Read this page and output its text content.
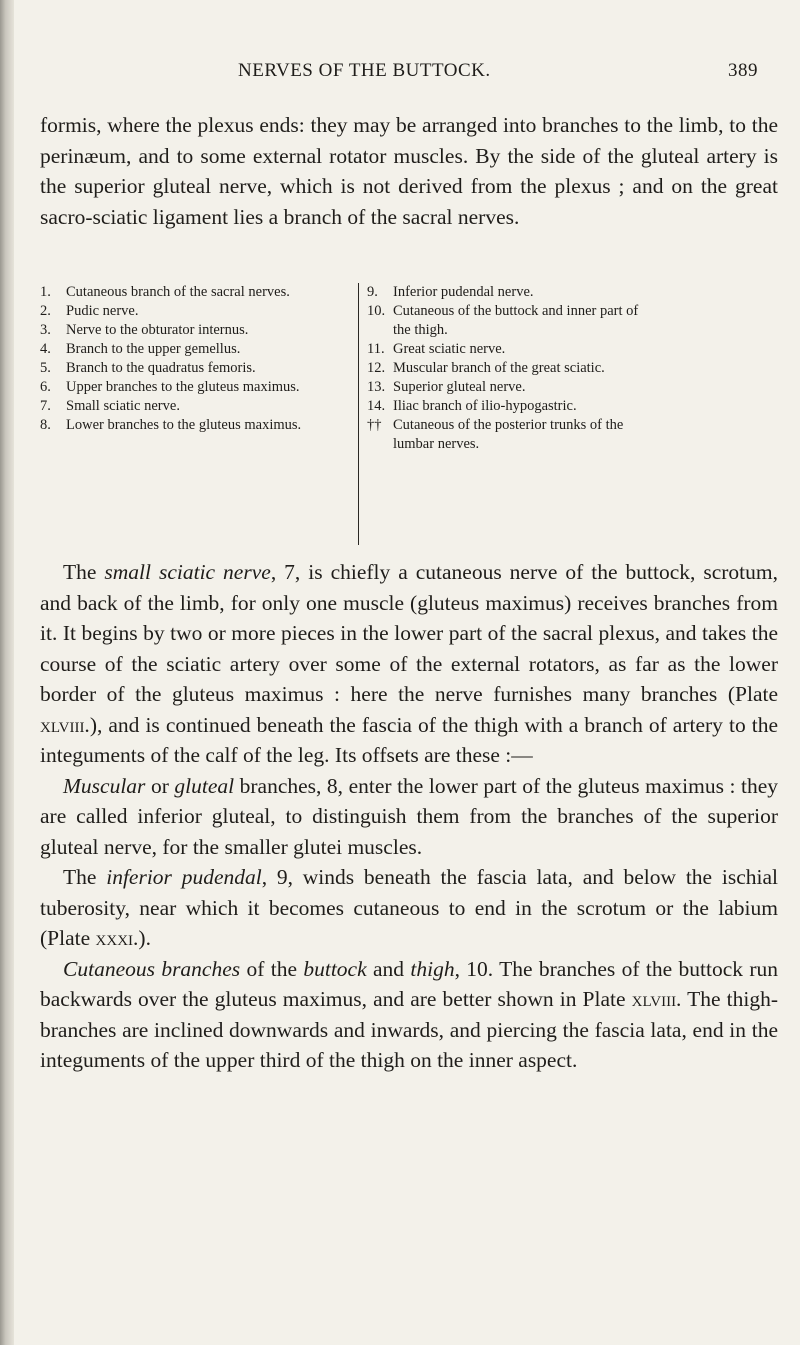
NERVES OF THE BUTTOCK.	389

formis, where the plexus ends: they may be arranged into branches to the limb, to the perinæum, and to some external rotator muscles. By the side of the gluteal artery is the superior gluteal nerve, which is not derived from the plexus ; and on the great sacro-sciatic ligament lies a branch of the sacral nerves.

1.	Cutaneous branch of the sacral nerves.
2.	Pudic nerve.
3.	Nerve to the obturator internus.
4.	Branch to the upper gemellus.
5.	Branch to the quadratus femoris.
6.	Upper branches to the gluteus maximus.
7.	Small sciatic nerve.
8.	Lower branches to the gluteus maximus.
9.	Inferior pudendal nerve.
10. Cutaneous of the buttock and inner part of the thigh.
11. Great sciatic nerve.
12. Muscular branch of the great sciatic.
13. Superior gluteal nerve.
14. Iliac branch of ilio-hypogastric.
†† Cutaneous of the posterior trunks of the lumbar nerves.

The small sciatic nerve, 7, is chiefly a cutaneous nerve of the buttock, scrotum, and back of the limb, for only one muscle (gluteus maximus) receives branches from it. It begins by two or more pieces in the lower part of the sacral plexus, and takes the course of the sciatic artery over some of the external rotators, as far as the lower border of the gluteus maximus : here the nerve furnishes many branches (Plate xlviii.), and is continued beneath the fascia of the thigh with a branch of artery to the integuments of the calf of the leg. Its offsets are these :—

Muscular or gluteal branches, 8, enter the lower part of the gluteus maximus : they are called inferior gluteal, to distinguish them from the branches of the superior gluteal nerve, for the smaller glutei muscles.

The inferior pudendal, 9, winds beneath the fascia lata, and below the ischial tuberosity, near which it becomes cutaneous to end in the scrotum or the labium (Plate xxxi.).

Cutaneous branches of the buttock and thigh, 10. The branches of the buttock run backwards over the gluteus maximus, and are better shown in Plate xlviii. The thigh-branches are inclined downwards and inwards, and piercing the fascia lata, end in the integuments of the upper third of the thigh on the inner aspect.
